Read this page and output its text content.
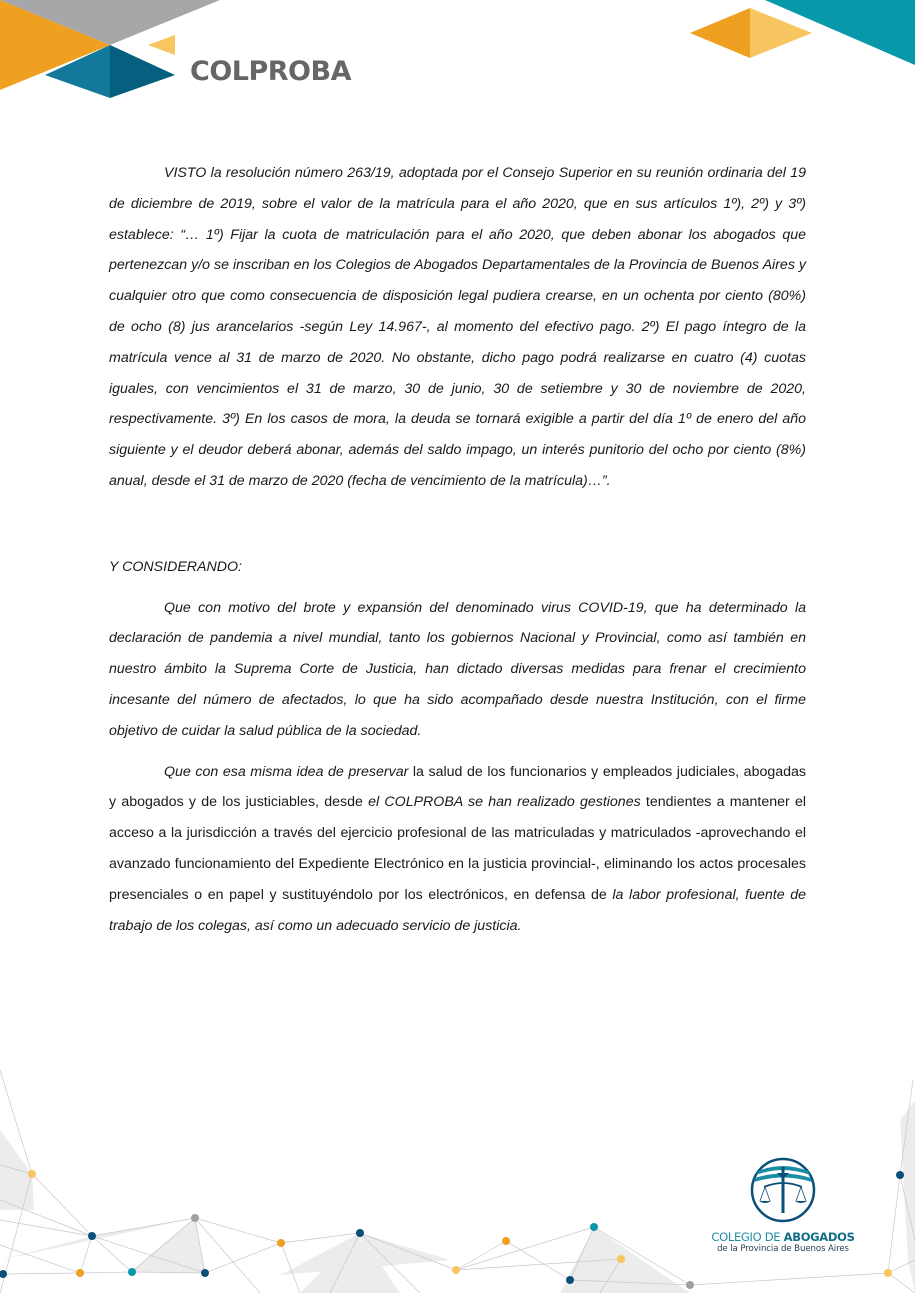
COLPROBA

VISTO la resolución número 263/19, adoptada por el Consejo Superior en su reunión ordinaria del 19 de diciembre de 2019, sobre el valor de la matrícula para el año 2020, que en sus artículos 1º), 2º) y 3º) establece: “… 1º) Fijar la cuota de matriculación para el año 2020, que deben abonar los abogados que pertenezcan y/o se inscriban en los Colegios de Abogados Departamentales de la Provincia de Buenos Aires y cualquier otro que como consecuencia de disposición legal pudiera crearse, en un ochenta por ciento (80%) de ocho (8) jus arancelarios -según Ley 14.967-, al momento del efectivo pago. 2º) El pago íntegro de la matrícula vence al 31 de marzo de 2020. No obstante, dicho pago podrá realizarse en cuatro (4) cuotas iguales, con vencimientos el 31 de marzo, 30 de junio, 30 de setiembre y 30 de noviembre de 2020, respectivamente. 3º) En los casos de mora, la deuda se tornará exigible a partir del día 1º de enero del año siguiente y el deudor deberá abonar, además del saldo impago, un interés punitorio del ocho por ciento (8%) anual, desde el 31 de marzo de 2020 (fecha de vencimiento de la matrícula)…”.

Y CONSIDERANDO:

Que con motivo del brote y expansión del denominado virus COVID-19, que ha determinado la declaración de pandemia a nivel mundial, tanto los gobiernos Nacional y Provincial, como así también en nuestro ámbito la Suprema Corte de Justicia, han dictado diversas medidas para frenar el crecimiento incesante del número de afectados, lo que ha sido acompañado desde nuestra Institución, con el firme objetivo de cuidar la salud pública de la sociedad.

Que con esa misma idea de preservar la salud de los funcionarios y empleados judiciales, abogadas y abogados y de los justiciables, desde el COLPROBA se han realizado gestiones tendientes a mantener el acceso a la jurisdicción a través del ejercicio profesional de las matriculadas y matriculados -aprovechando el avanzado funcionamiento del Expediente Electrónico en la justicia provincial-, eliminando los actos procesales presenciales o en papel y sustituyéndolo por los electrónicos, en defensa de la labor profesional, fuente de trabajo de los colegas, así como un adecuado servicio de justicia.

COLEGIO DE ABOGADOS
de la Provincia de Buenos Aires
